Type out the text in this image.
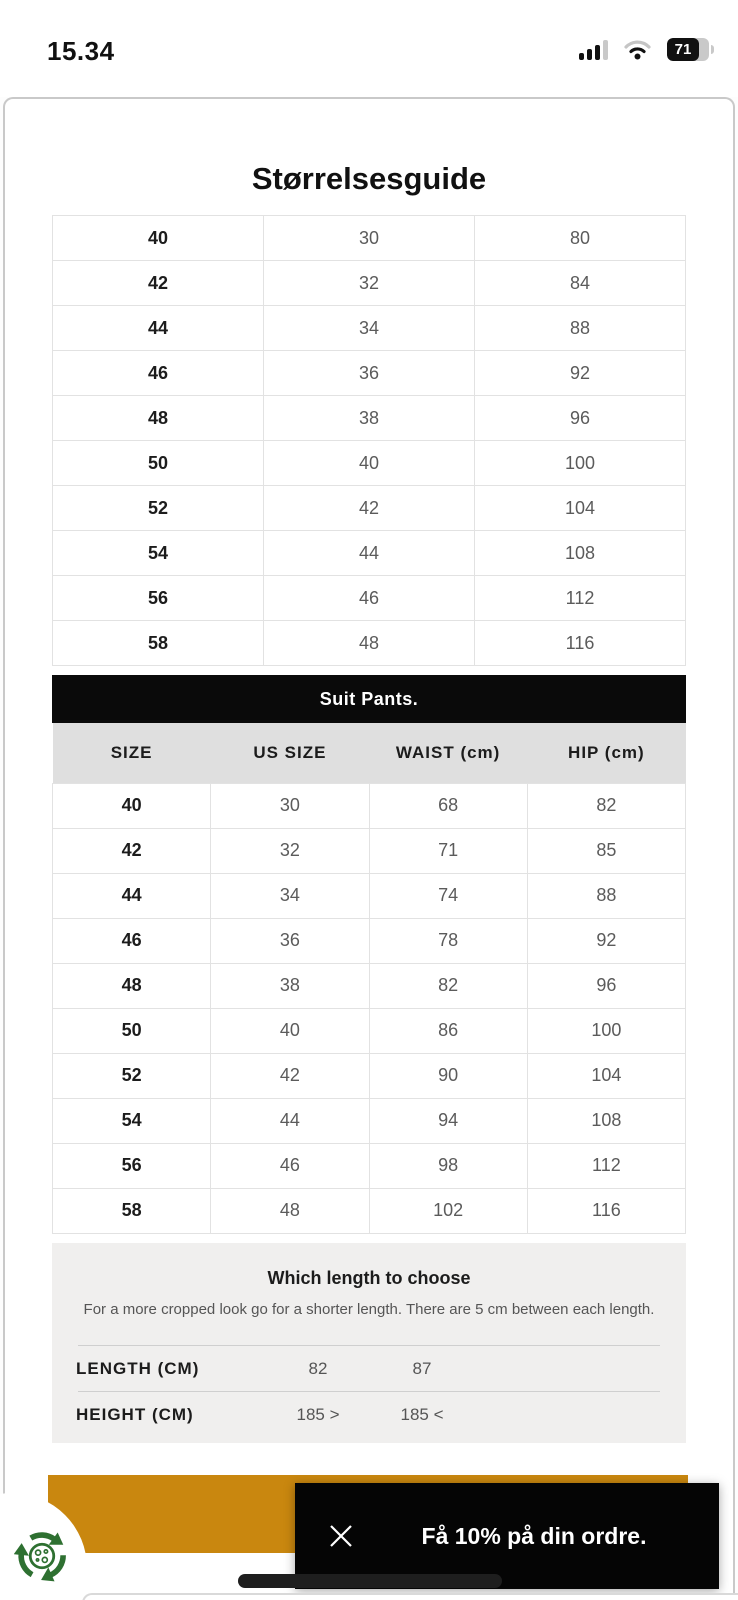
15.34	71
Størrelsesguide
40	30	80
42	32	84
44	34	88
46	36	92
48	38	96
50	40	100
52	42	104
54	44	108
56	46	112
58	48	116
Suit Pants.
SIZE	US SIZE	WAIST (cm)	HIP (cm)
40	30	68	82
42	32	71	85
44	34	74	88
46	36	78	92
48	38	82	96
50	40	86	100
52	42	90	104
54	44	94	108
56	46	98	112
58	48	102	116
Which length to choose

For a more cropped look go for a shorter length. There are 5 cm between each length.

LENGTH (CM)	82	87
HEIGHT (CM)	185 >	185 <
Få 10% på din ordre.
